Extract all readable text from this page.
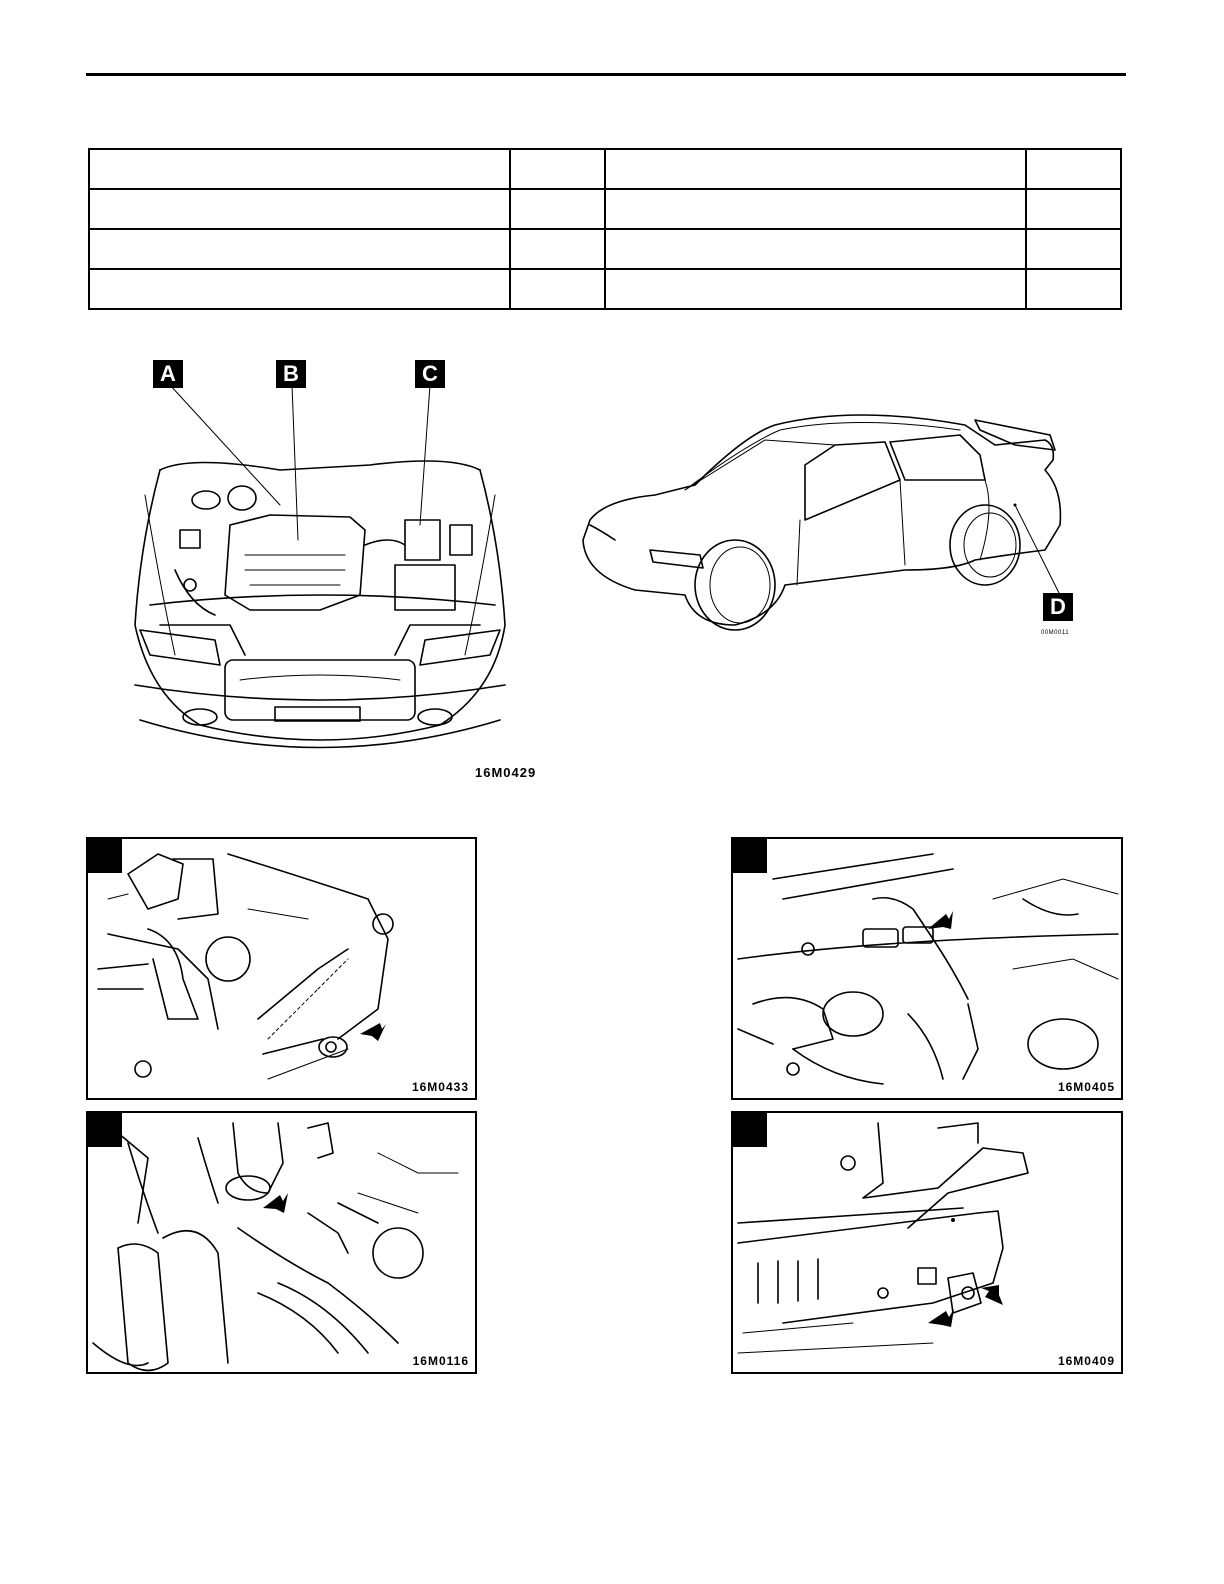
A	B	C
16M0429
D
00M0011
16M0433	16M0405
16M0116	16M0409
